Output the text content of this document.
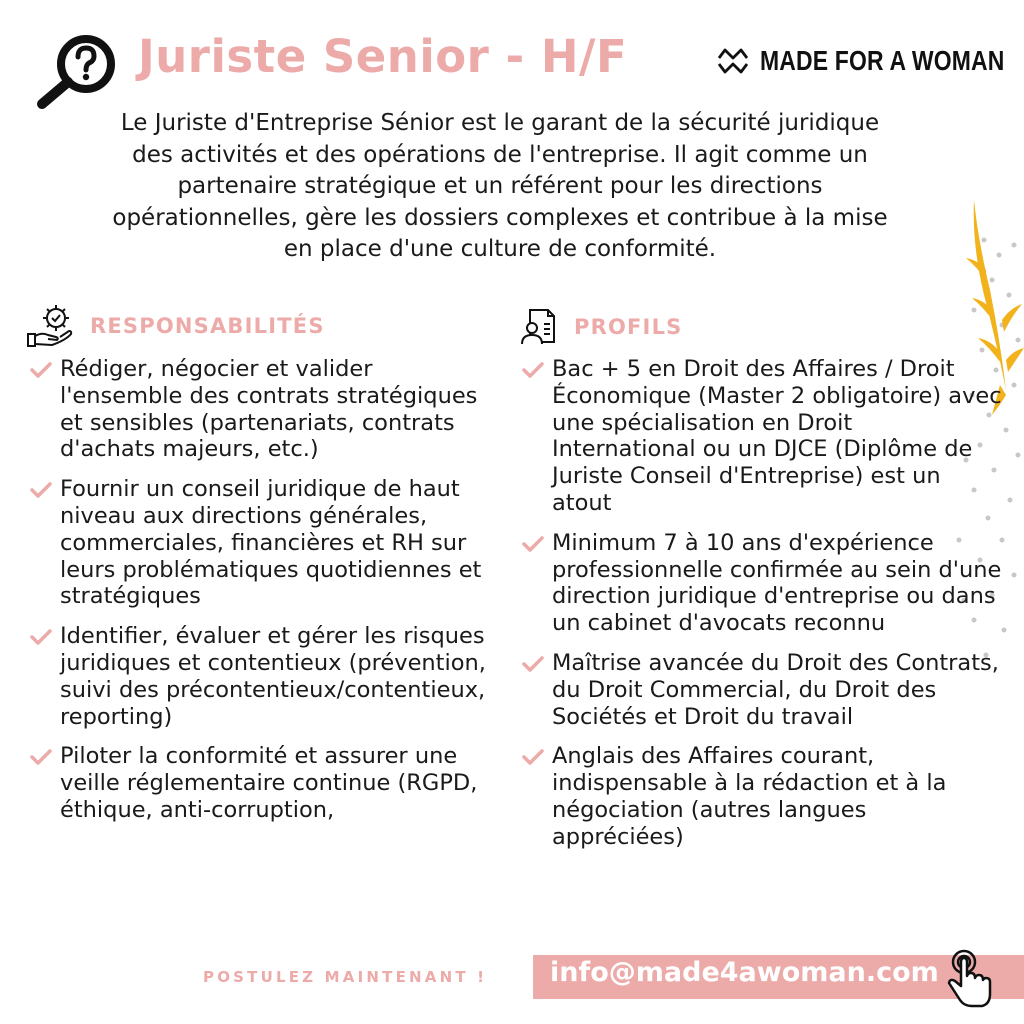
Juriste Senior - H/F	MADE FOR A WOMAN

Le Juriste d'Entreprise Sénior est le garant de la sécurité juridique des activités et des opérations de l'entreprise. Il agit comme un partenaire stratégique et un référent pour les directions opérationnelles, gère les dossiers complexes et contribue à la mise en place d'une culture de conformité.

RESPONSABILITÉS	PROFILS
Rédiger, négocier et valider l'ensemble des contrats stratégiques et sensibles (partenariats, contrats d'achats majeurs, etc.)
Fournir un conseil juridique de haut niveau aux directions générales, commerciales, financières et RH sur leurs problématiques quotidiennes et stratégiques
Identifier, évaluer et gérer les risques juridiques et contentieux (prévention, suivi des précontentieux/contentieux, reporting)
Piloter la conformité et assurer une veille réglementaire continue (RGPD, éthique, anti-corruption,
Bac + 5 en Droit des Affaires / Droit Économique (Master 2 obligatoire) avec une spécialisation en Droit International ou un DJCE (Diplôme de Juriste Conseil d'Entreprise) est un atout
Minimum 7 à 10 ans d'expérience professionnelle confirmée au sein d'une direction juridique d'entreprise ou dans un cabinet d'avocats reconnu
Maîtrise avancée du Droit des Contrats, du Droit Commercial, du Droit des Sociétés et Droit du travail
Anglais des Affaires courant, indispensable à la rédaction et à la négociation (autres langues appréciées)
POSTULEZ MAINTENANT ! info@made4awoman.com
